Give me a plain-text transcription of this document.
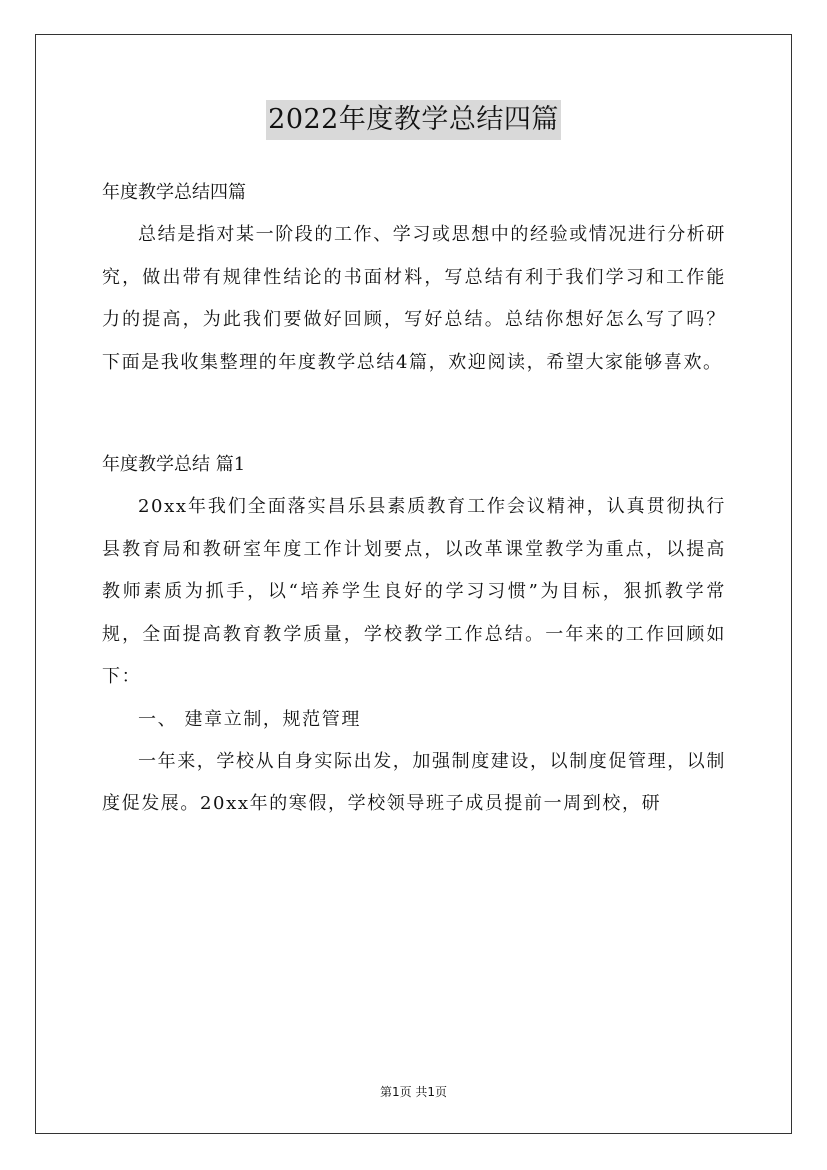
2022年度教学总结四篇

年度教学总结四篇

总结是指对某一阶段的工作、学习或思想中的经验或情况进行分析研究，做出带有规律性结论的书面材料，写总结有利于我们学习和工作能力的提高，为此我们要做好回顾，写好总结。总结你想好怎么写了吗？下面是我收集整理的年度教学总结4篇，欢迎阅读，希望大家能够喜欢。

年度教学总结 篇1

20xx年我们全面落实昌乐县素质教育工作会议精神，认真贯彻执行县教育局和教研室年度工作计划要点，以改革课堂教学为重点，以提高教师素质为抓手，以“培养学生良好的学习习惯”为目标，狠抓教学常规，全面提高教育教学质量，学校教学工作总结。一年来的工作回顾如下：

一、 建章立制，规范管理

一年来，学校从自身实际出发，加强制度建设，以制度促管理，以制度促发展。20xx年的寒假，学校领导班子成员提前一周到校，研

第1页 共1页
